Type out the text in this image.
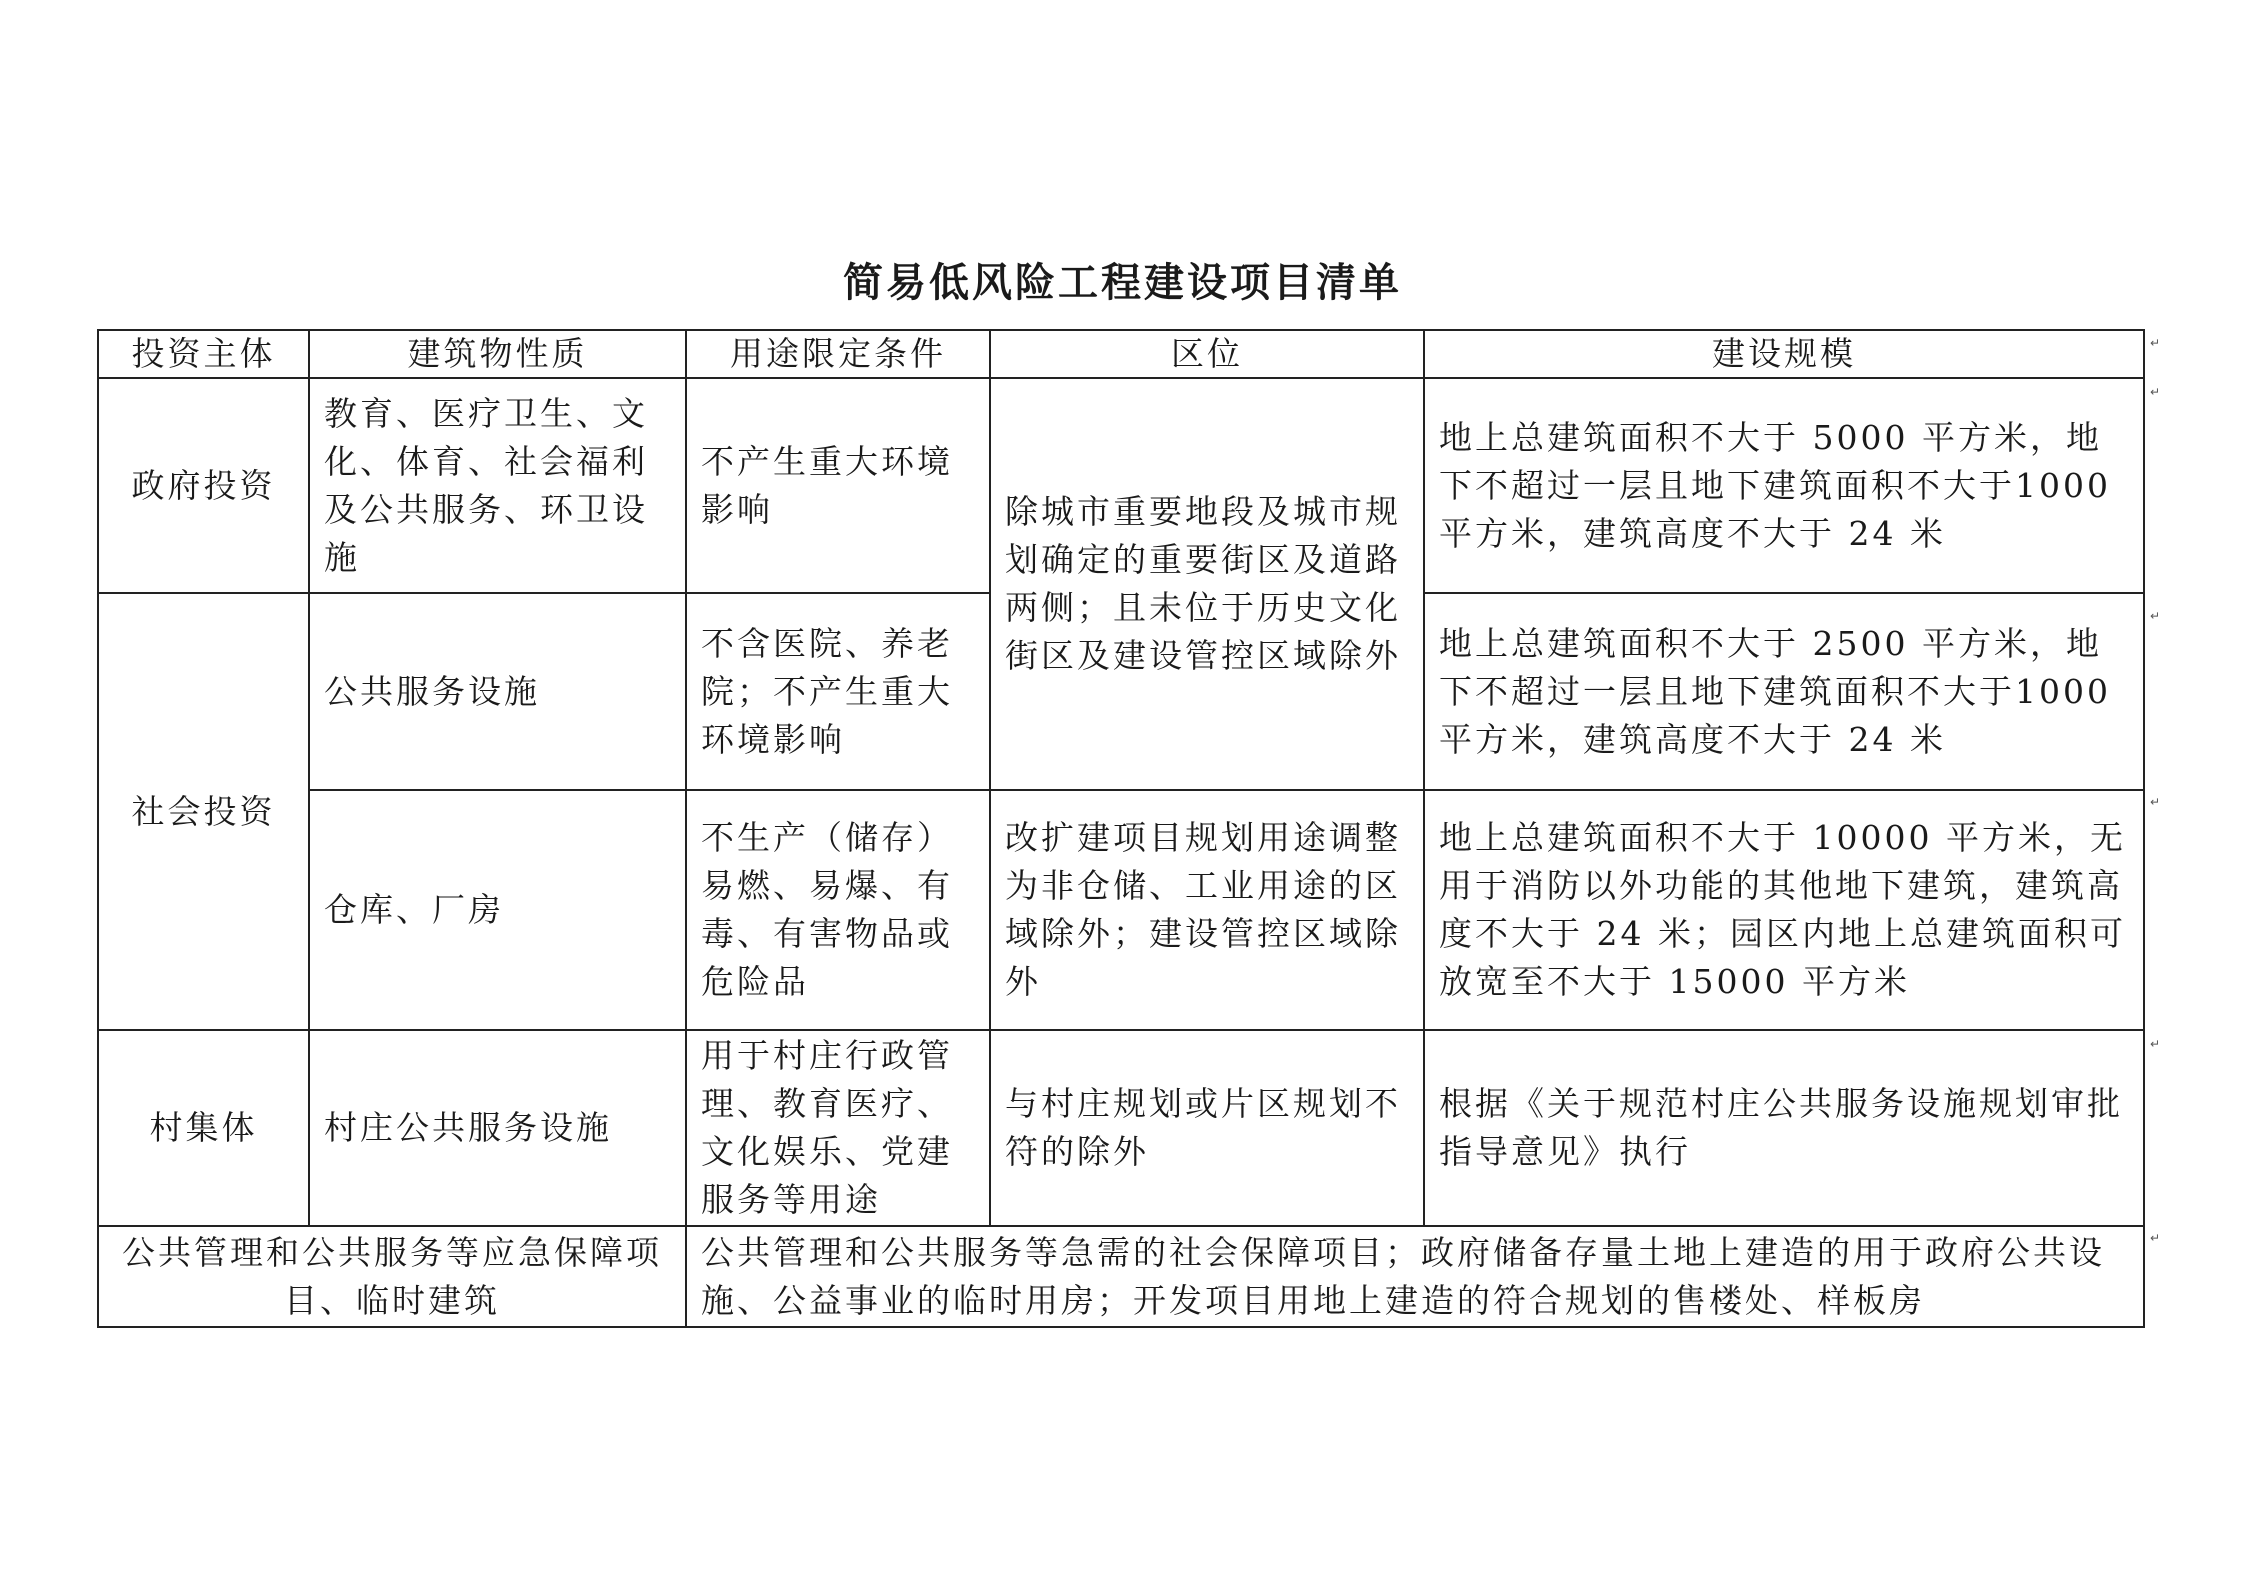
简易低风险工程建设项目清单
投资主体	建筑物性质	用途限定条件	区位	建设规模
政府投资	教育、医疗卫生、文化、体育、社会福利及公共服务、环卫设施	不产生重大环境影响	除城市重要地段及城市规划确定的重要街区及道路两侧；且未位于历史文化街区及建设管控区域除外	地上总建筑面积不大于 5000 平方米，地下不超过一层且地下建筑面积不大于1000 平方米，建筑高度不大于 24 米
社会投资	公共服务设施	不含医院、养老院；不产生重大环境影响		地上总建筑面积不大于 2500 平方米，地下不超过一层且地下建筑面积不大于1000 平方米，建筑高度不大于 24 米
	仓库、厂房	不生产（储存）易燃、易爆、有毒、有害物品或危险品	改扩建项目规划用途调整为非仓储、工业用途的区域除外；建设管控区域除外	地上总建筑面积不大于 10000 平方米，无用于消防以外功能的其他地下建筑，建筑高度不大于 24 米；园区内地上总建筑面积可放宽至不大于 15000 平方米
村集体	村庄公共服务设施	用于村庄行政管理、教育医疗、文化娱乐、党建服务等用途	与村庄规划或片区规划不符的除外	根据《关于规范村庄公共服务设施规划审批指导意见》执行
公共管理和公共服务等应急保障项目、临时建筑		公共管理和公共服务等急需的社会保障项目；政府储备存量土地上建造的用于政府公共设施、公益事业的临时用房；开发项目用地上建造的符合规划的售楼处、样板房		
↵
↵
↵
↵
↵
↵
